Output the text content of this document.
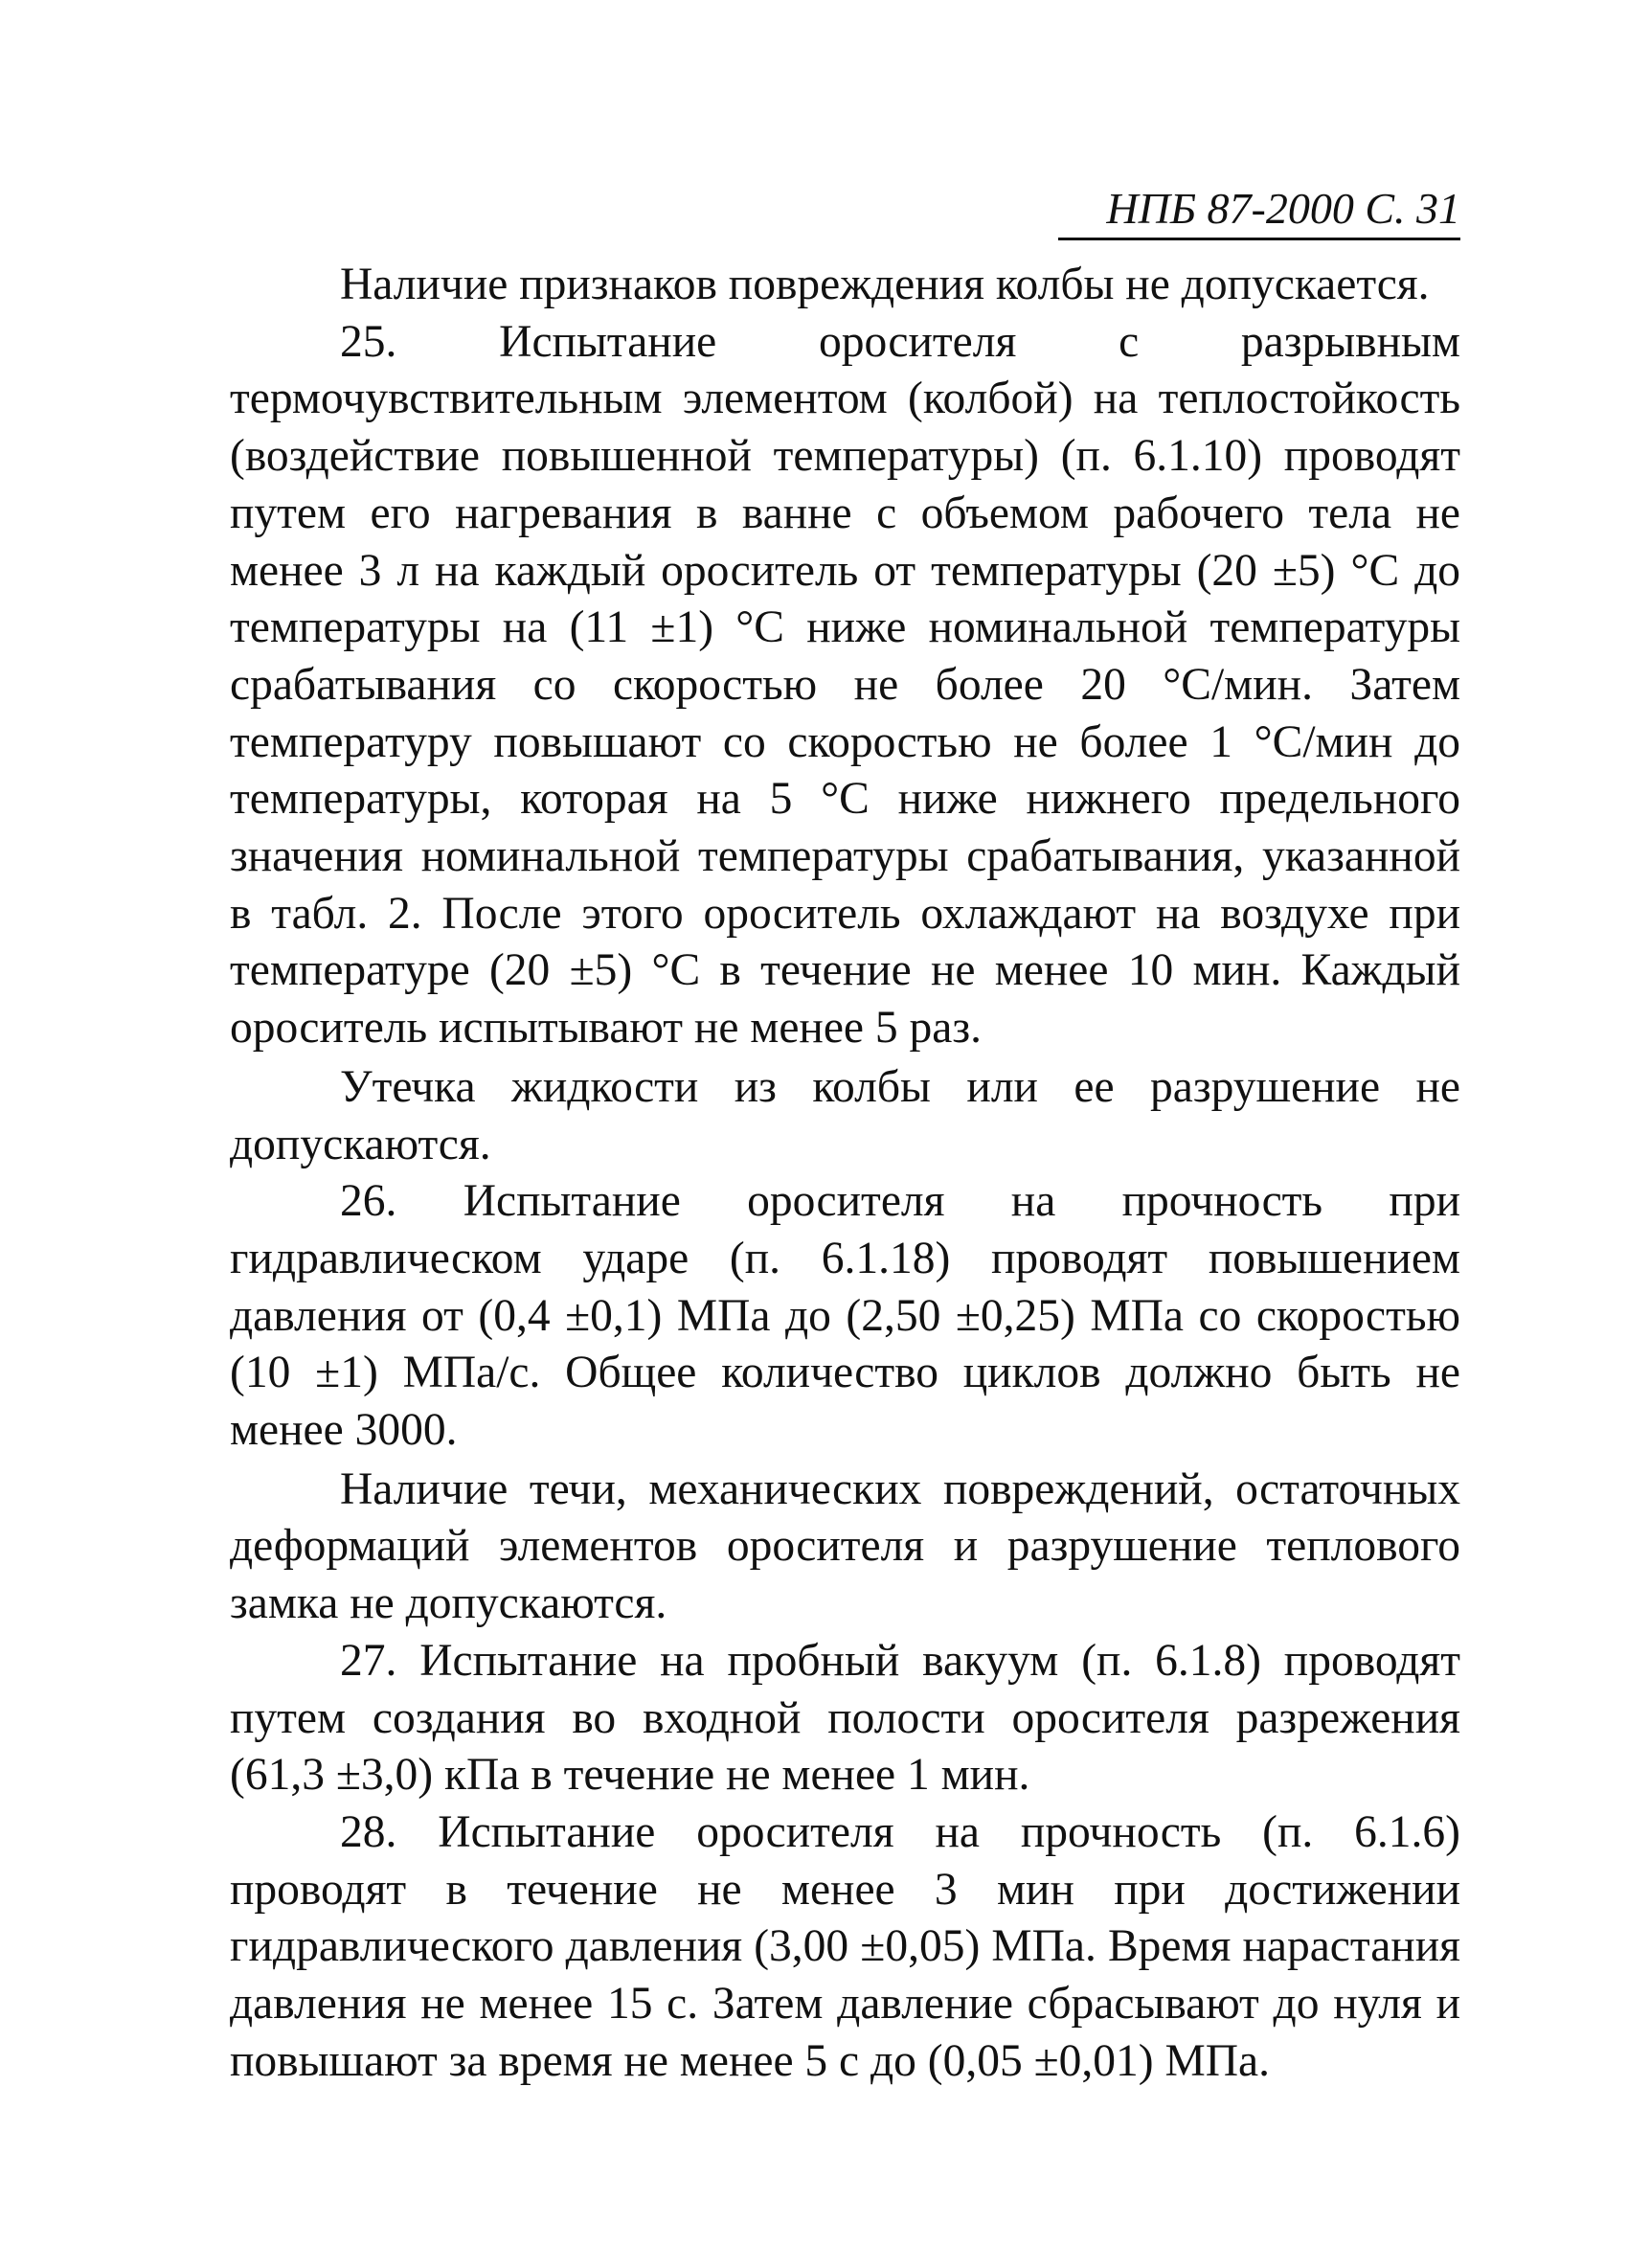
НПБ 87-2000 С. 31

Наличие признаков повреждения колбы не допускается.

25. Испытание оросителя с разрывным термочувствительным элементом (колбой) на теплостойкость (воздействие повышенной температуры) (п. 6.1.10) проводят путем его нагревания в ванне с объемом рабочего тела не менее 3 л на каждый ороситель от температуры (20 ±5) °С до температуры на (11 ±1) °С ниже номинальной температуры срабатывания со скоростью не более 20 °С/мин. Затем температуру повышают со скоростью не более 1 °С/мин до температуры, которая на 5 °С ниже нижнего предельного значения номинальной температуры срабатывания, указанной в табл. 2. После этого ороситель охлаждают на воздухе при температуре (20 ±5) °С в течение не менее 10 мин. Каждый ороситель испытывают не менее 5 раз.

Утечка жидкости из колбы или ее разрушение не допускаются.

26. Испытание оросителя на прочность при гидравлическом ударе (п. 6.1.18) проводят повышением давления от (0,4 ±0,1) МПа до (2,50 ±0,25) МПа со скоростью (10 ±1) МПа/с. Общее количество циклов должно быть не менее 3000.

Наличие течи, механических повреждений, остаточных деформаций элементов оросителя и разрушение теплового замка не допускаются.

27. Испытание на пробный вакуум (п. 6.1.8) проводят путем создания во входной полости оросителя разрежения (61,3 ±3,0) кПа в течение не менее 1 мин.

28. Испытание оросителя на прочность (п. 6.1.6) проводят в течение не менее 3 мин при достижении гидравлического давления (3,00 ±0,05) МПа. Время нарастания давления не менее 15 с. Затем давление сбрасывают до нуля и повышают за время не менее 5 с до (0,05 ±0,01) МПа.
